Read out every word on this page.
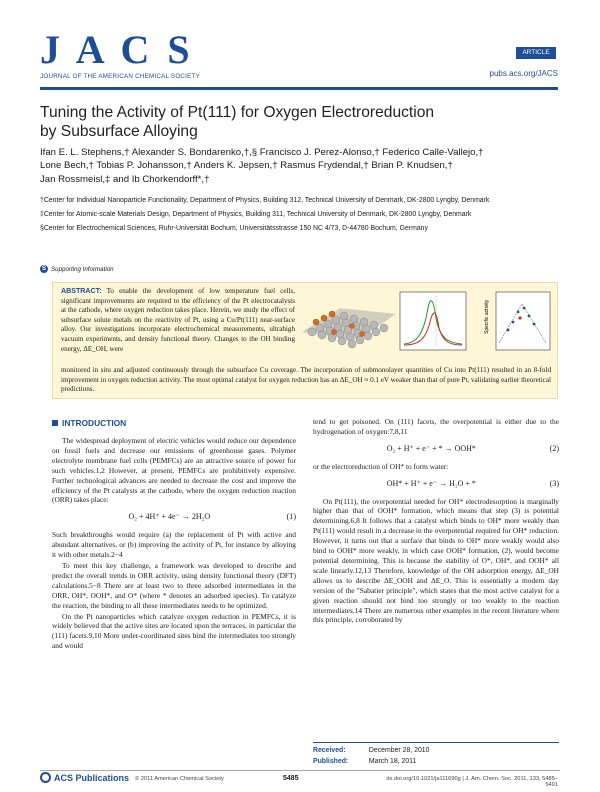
J A C S
JOURNAL OF THE AMERICAN CHEMICAL SOCIETY
ARTICLE
pubs.acs.org/JACS
Tuning the Activity of Pt(111) for Oxygen Electroreduction
by Subsurface Alloying
Ifan E. L. Stephens,† Alexander S. Bondarenko,†,§ Francisco J. Perez-Alonso,† Federico Calle-Vallejo,†
Lone Bech,† Tobias P. Johansson,† Anders K. Jepsen,† Rasmus Frydendal,† Brian P. Knudsen,†
Jan Rossmeisl,‡ and Ib Chorkendorff*,†

†Center for Individual Nanoparticle Functionality, Department of Physics, Building 312, Technical University of Denmark, DK-2800 Lyngby, Denmark

‡Center for Atomic-scale Materials Design, Department of Physics, Building 311, Technical University of Denmark, DK-2800 Lyngby, Denmark

§Center for Electrochemical Sciences, Ruhr-Universität Bochum, Universitätsstrasse 150 NC 4/73, D-44780 Bochum, Germany

S Supporting Information
ABSTRACT: To enable the development of low temperature fuel cells, significant improvements are required to the efficiency of the Pt electrocatalysts at the cathode, where oxygen reduction takes place. Herein, we study the effect of subsurface solute metals on the reactivity of Pt, using a Cu/Pt(111) near-surface alloy. Our investigations incorporate electrochemical measurements, ultrahigh vacuum experiments, and density functional theory. Changes to the OH binding energy, ΔE_OH, were
monitored in situ and adjusted continuously through the subsurface Cu coverage. The incorporation of submonolayer quantities of Cu into Pt(111) resulted in an 8-fold improvement in oxygen reduction activity. The most optimal catalyst for oxygen reduction has an ΔE_OH ≈ 0.1 eV weaker than that of pure Pt, validating earlier theoretical predictions.
Specific activity
INTRODUCTION

The widespread deployment of electric vehicles would reduce our dependence on fossil fuels and decrease our emissions of greenhouse gases. Polymer electrolyte membrane fuel cells (PEMFCs) are an attractive source of power for such vehicles.1,2 However, at present, PEMFCs are prohibitively expensive. Further technological advances are needed to decrease the cost and improve the efficiency of the Pt catalysts at the cathode, where the oxygen reduction reaction (ORR) takes place:

O₂ + 4H⁺ + 4e⁻ → 2H₂O	(1)

Such breakthroughs would require (a) the replacement of Pt with active and abundant alternatives, or (b) improving the activity of Pt, for instance by alloying it with other metals.2−4

To meet this key challenge, a framework was developed to describe and predict the overall trends in ORR activity, using density functional theory (DFT) calculations.5−8 There are at least two to three adsorbed intermediates in the ORR, OH*, OOH*, and O* (where * denotes an adsorbed species). To catalyze the reaction, the binding to all these intermediates needs to be optimized.

On the Pt nanoparticles which catalyze oxygen reduction in PEMFCs, it is widely believed that the active sites are located upon the terraces, in particular the (111) facets.9,10 More under-coordinated sites bind the intermediates too strongly and would

tend to get poisoned. On (111) facets, the overpotential is either due to the hydrogenation of oxygen:7,8,11

O₂ + H⁺ + e⁻ + * → OOH*	(2)

or the electroreduction of OH* to form water:

OH* + H⁺ + e⁻ → H₂O + *	(3)

On Pt(111), the overpotential needed for OH* electrodesorption is marginally higher than that of OOH* formation, which means that step (3) is potential determining.6,8 It follows that a catalyst which binds to OH* more weakly than Pt(111) would result in a decrease in the overpotential required for OH* reduction. However, it turns out that a surface that binds to OH* more weakly would also bind to OOH* more weakly, in which case OOH* formation, (2), would become potential determining. This is because the stability of O*, OH*, and OOH* all scale linearly.12,13 Therefore, knowledge of the OH adsorption energy, ΔE_OH allows us to describe ΔE_OOH and ΔE_O. This is essentially a modern day version of the "Sabatier principle", which states that the most active catalyst for a given reaction should not bind too strongly or too weakly to the reaction intermediates.14 There are numerous other examples in the recent literature where this principle, corroborated by

Received:	December 28, 2010
Published:	March 18, 2011
ACS Publications © 2011 American Chemical Society	5485	dx.doi.org/10.1021/ja111690g | J. Am. Chem. Soc. 2011, 133, 5485–5491
